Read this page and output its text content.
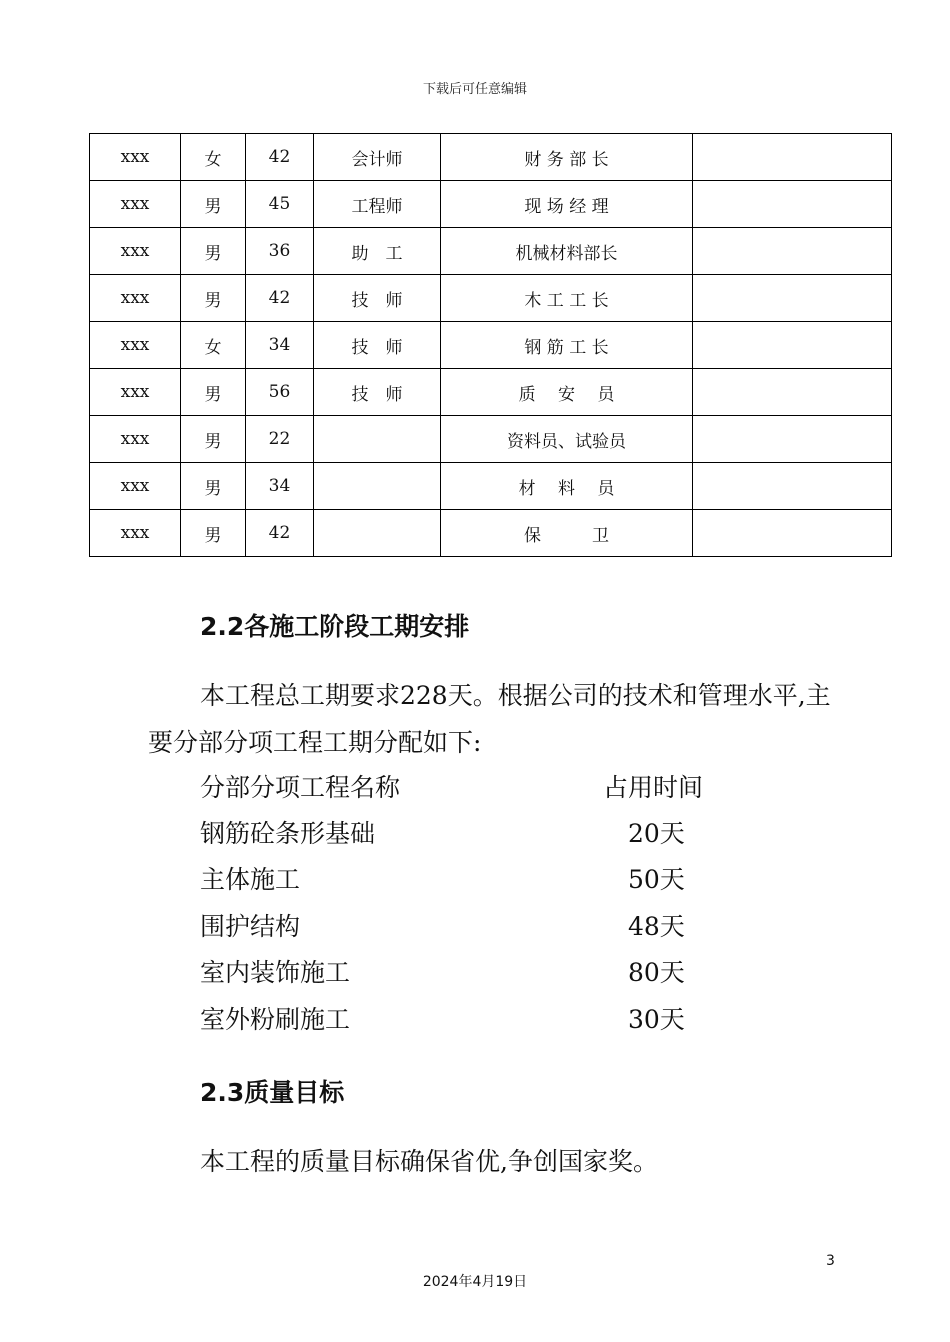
下载后可任意编辑
xxx	女	42	会计师	财 务 部 长	
xxx	男	45	工程师	现 场 经 理	
xxx	男	36	助　工	机械材料部长	
xxx	男	42	技　师	木 工 工 长	
xxx	女	34	技　师	钢 筋 工 长	
xxx	男	56	技　师	质　 安　 员	
xxx	男	22		资料员、试验员	
xxx	男	34		材　 料　 员	
xxx	男	42		保　　　卫	
2.2各施工阶段工期安排
本工程总工期要求228天。根据公司的技术和管理水平,主要分部分项工程工期分配如下:
分部分项工程名称	占用时间
钢筋砼条形基础	20天
主体施工	50天
围护结构	48天
室内装饰施工	80天
室外粉刷施工	30天
2.3质量目标
本工程的质量目标确保省优,争创国家奖。
3
2024年4月19日
